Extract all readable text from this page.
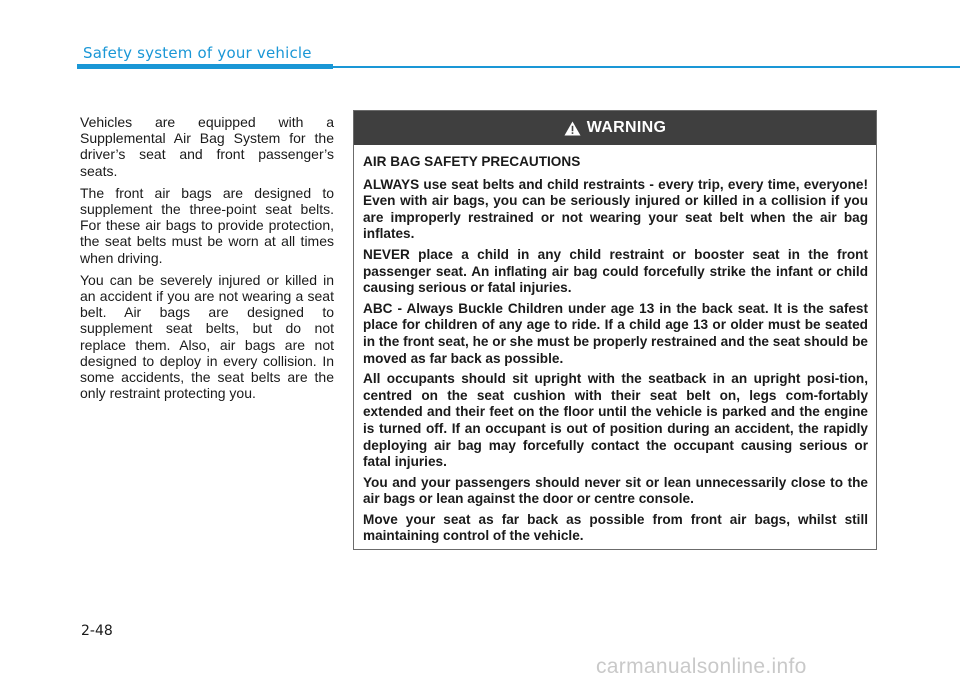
Safety system of your vehicle

Vehicles are equipped with a Supplemental Air Bag System for the driver’s seat and front passenger’s seats.

The front air bags are designed to supplement the three-point seat belts. For these air bags to provide protection, the seat belts must be worn at all times when driving.

You can be severely injured or killed in an accident if you are not wearing a seat belt. Air bags are designed to supplement seat belts, but do not replace them. Also, air bags are not designed to deploy in every collision. In some accidents, the seat belts are the only restraint protecting you.

WARNING

AIR BAG SAFETY PRECAUTIONS

ALWAYS use seat belts and child restraints - every trip, every time, everyone! Even with air bags, you can be seriously injured or killed in a collision if you are improperly restrained or not wearing your seat belt when the air bag inflates.

NEVER place a child in any child restraint or booster seat in the front passenger seat. An inflating air bag could forcefully strike the infant or child causing serious or fatal injuries.

ABC - Always Buckle Children under age 13 in the back seat. It is the safest place for children of any age to ride. If a child age 13 or older must be seated in the front seat, he or she must be properly restrained and the seat should be moved as far back as possible.

All occupants should sit upright with the seatback in an upright posi-tion, centred on the seat cushion with their seat belt on, legs com-fortably extended and their feet on the floor until the vehicle is parked and the engine is turned off. If an occupant is out of position during an accident, the rapidly deploying air bag may forcefully contact the occupant causing serious or fatal injuries.

You and your passengers should never sit or lean unnecessarily close to the air bags or lean against the door or centre console.

Move your seat as far back as possible from front air bags, whilst still maintaining control of the vehicle.

2-48
carmanualsonline.info
